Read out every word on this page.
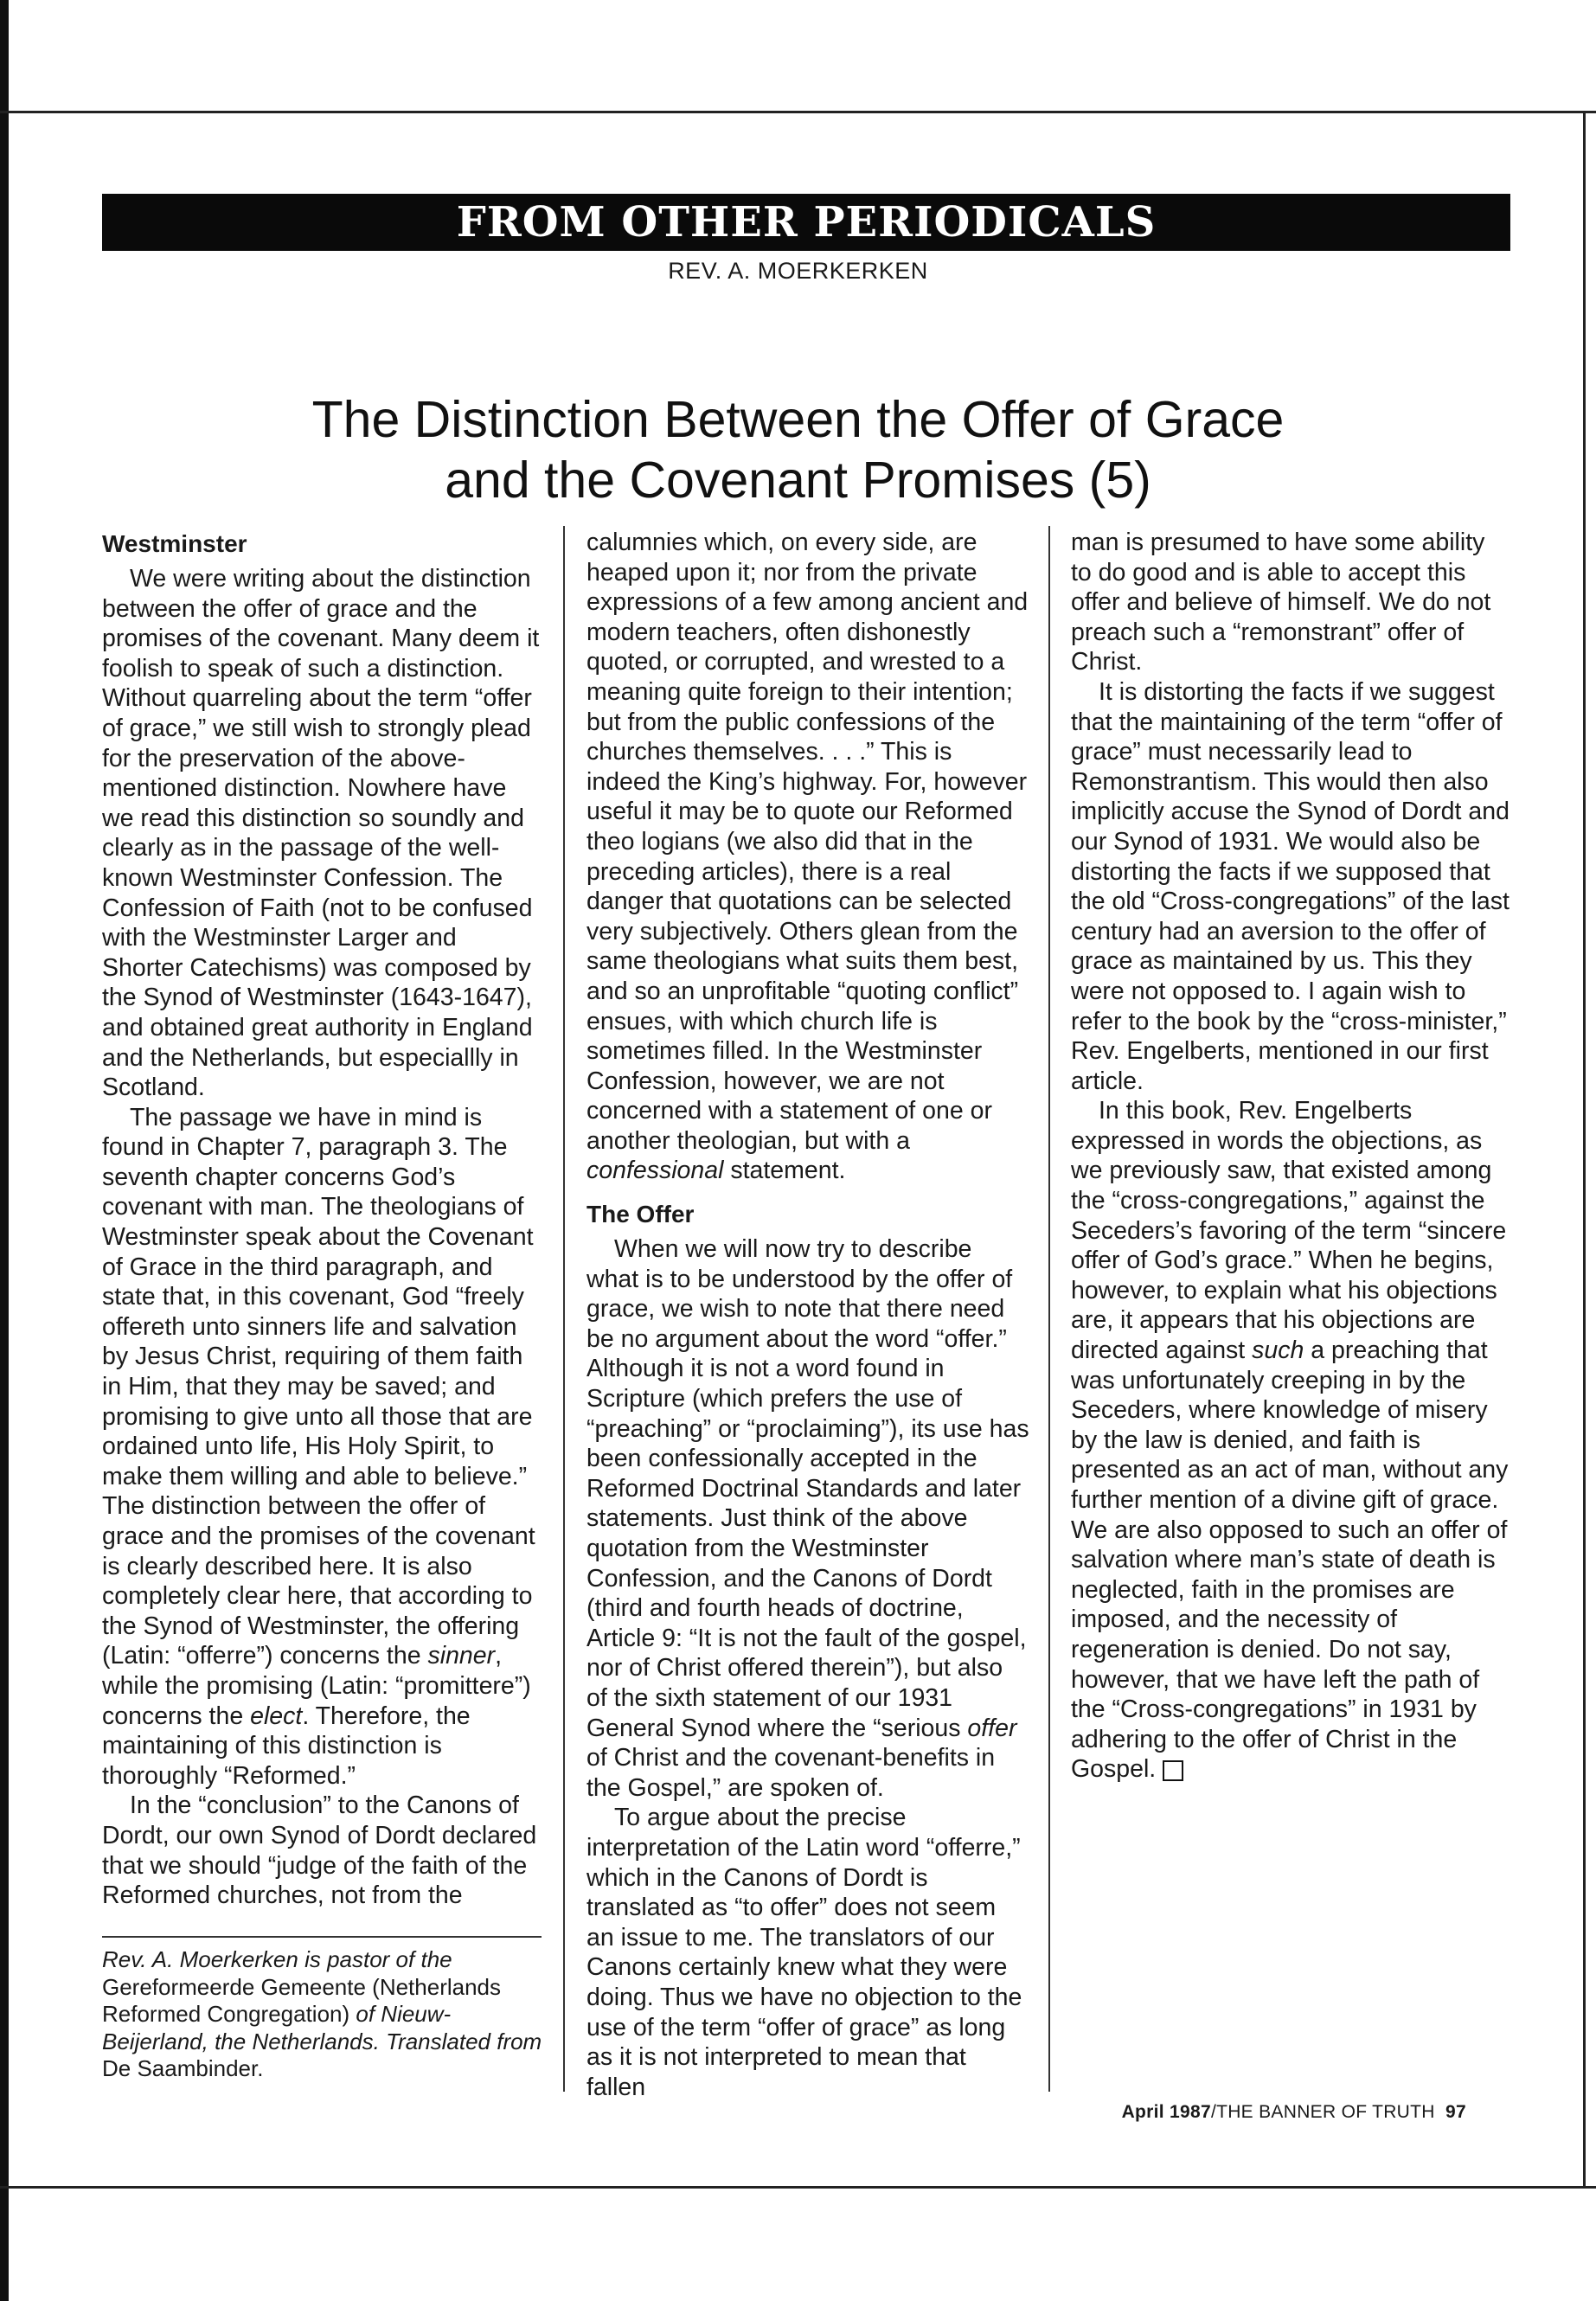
FROM OTHER PERIODICALS
REV. A. MOERKERKEN
The Distinction Between the Offer of Grace
and the Covenant Promises (5)
Westminster

We were writing about the distinction between the offer of grace and the promises of the covenant. Many deem it foolish to speak of such a distinction. Without quarreling about the term “offer of grace,” we still wish to strongly plead for the preservation of the above-mentioned distinction. Nowhere have we read this distinction so soundly and clearly as in the passage of the well-known Westminster Confession. The Confession of Faith (not to be confused with the Westminster Larger and Shorter Catechisms) was composed by the Synod of Westminster (1643-1647), and obtained great authority in England and the Netherlands, but especiallly in Scotland.

The passage we have in mind is found in Chapter 7, paragraph 3. The seventh chapter concerns God’s covenant with man. The theologians of Westminster speak about the Covenant of Grace in the third paragraph, and state that, in this covenant, God “freely offereth unto sinners life and salvation by Jesus Christ, requiring of them faith in Him, that they may be saved; and promising to give unto all those that are ordained unto life, His Holy Spirit, to make them willing and able to believe.” The distinction between the offer of grace and the promises of the covenant is clearly described here. It is also completely clear here, that according to the Synod of Westminster, the offering (Latin: “offerre”) concerns the sinner, while the promising (Latin: “promittere”) concerns the elect. Therefore, the maintaining of this distinction is thoroughly “Reformed.”

In the “conclusion” to the Canons of Dordt, our own Synod of Dordt declared that we should “judge of the faith of the Reformed churches, not from the

Rev. A. Moerkerken is pastor of the Gereformeerde Gemeente (Netherlands Reformed Congregation) of Nieuw-Beijerland, the Netherlands. Translated from De Saambinder.

calumnies which, on every side, are heaped upon it; nor from the private expressions of a few among ancient and modern teachers, often dishonestly quoted, or corrupted, and wrested to a meaning quite foreign to their intention; but from the public confessions of the churches themselves. . . .” This is indeed the King’s highway. For, however useful it may be to quote our Reformed theo logians (we also did that in the preceding articles), there is a real danger that quotations can be selected very subjectively. Others glean from the same theologians what suits them best, and so an unprofitable “quoting conflict” ensues, with which church life is sometimes filled. In the Westminster Confession, however, we are not concerned with a statement of one or another theologian, but with a confessional statement.

The Offer

When we will now try to describe what is to be understood by the offer of grace, we wish to note that there need be no argument about the word “offer.” Although it is not a word found in Scripture (which prefers the use of “preaching” or “proclaiming”), its use has been confessionally accepted in the Reformed Doctrinal Standards and later statements. Just think of the above quotation from the Westminster Confession, and the Canons of Dordt (third and fourth heads of doctrine, Article 9: “It is not the fault of the gospel, nor of Christ offered therein”), but also of the sixth statement of our 1931 General Synod where the “serious offer of Christ and the covenant-benefits in the Gospel,” are spoken of.

To argue about the precise interpretation of the Latin word “offerre,” which in the Canons of Dordt is translated as “to offer” does not seem an issue to me. The translators of our Canons certainly knew what they were doing. Thus we have no objection to the use of the term “offer of grace” as long as it is not interpreted to mean that fallen

man is presumed to have some ability to do good and is able to accept this offer and believe of himself. We do not preach such a “remonstrant” offer of Christ.

It is distorting the facts if we suggest that the maintaining of the term “offer of grace” must necessarily lead to Remonstrantism. This would then also implicitly accuse the Synod of Dordt and our Synod of 1931. We would also be distorting the facts if we supposed that the old “Cross-congregations” of the last century had an aversion to the offer of grace as maintained by us. This they were not opposed to. I again wish to refer to the book by the “cross-minister,” Rev. Engelberts, mentioned in our first article.

In this book, Rev. Engelberts expressed in words the objections, as we previously saw, that existed among the “cross-congregations,” against the Seceders’s favoring of the term “sincere offer of God’s grace.” When he begins, however, to explain what his objections are, it appears that his objections are directed against such a preaching that was unfortunately creeping in by the Seceders, where knowledge of misery by the law is denied, and faith is presented as an act of man, without any further mention of a divine gift of grace. We are also opposed to such an offer of salvation where man’s state of death is neglected, faith in the promises are imposed, and the necessity of regeneration is denied. Do not say, however, that we have left the path of the “Cross-congregations” in 1931 by adhering to the offer of Christ in the Gospel.

April 1987/THE BANNER OF TRUTH 97
